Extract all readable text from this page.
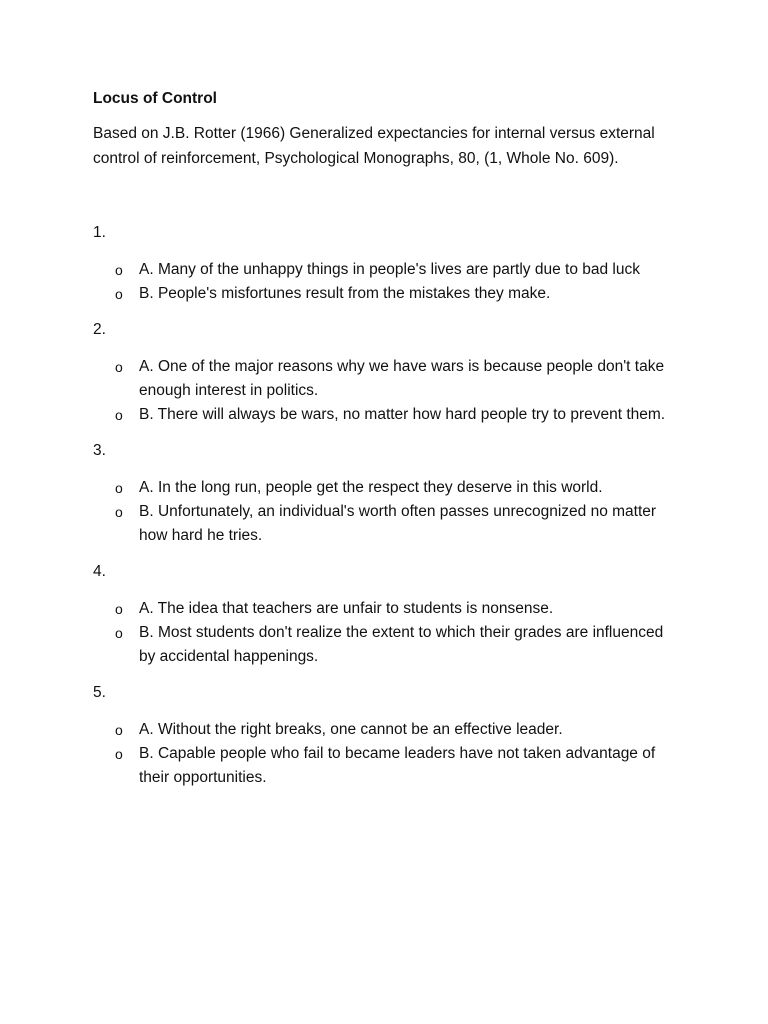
Locus of Control

Based on J.B. Rotter (1966) Generalized expectancies for internal versus external control of reinforcement, Psychological Monographs, 80, (1, Whole No. 609).

1.

o A. Many of the unhappy things in people's lives are partly due to bad luck
o B. People's misfortunes result from the mistakes they make.

2.

o A. One of the major reasons why we have wars is because people don't take enough interest in politics.
o B. There will always be wars, no matter how hard people try to prevent them.

3.

o A. In the long run, people get the respect they deserve in this world.
o B. Unfortunately, an individual's worth often passes unrecognized no matter how hard he tries.

4.

o A. The idea that teachers are unfair to students is nonsense.
o B. Most students don't realize the extent to which their grades are influenced by accidental happenings.

5.

o A. Without the right breaks, one cannot be an effective leader.
o B. Capable people who fail to became leaders have not taken advantage of their opportunities.
